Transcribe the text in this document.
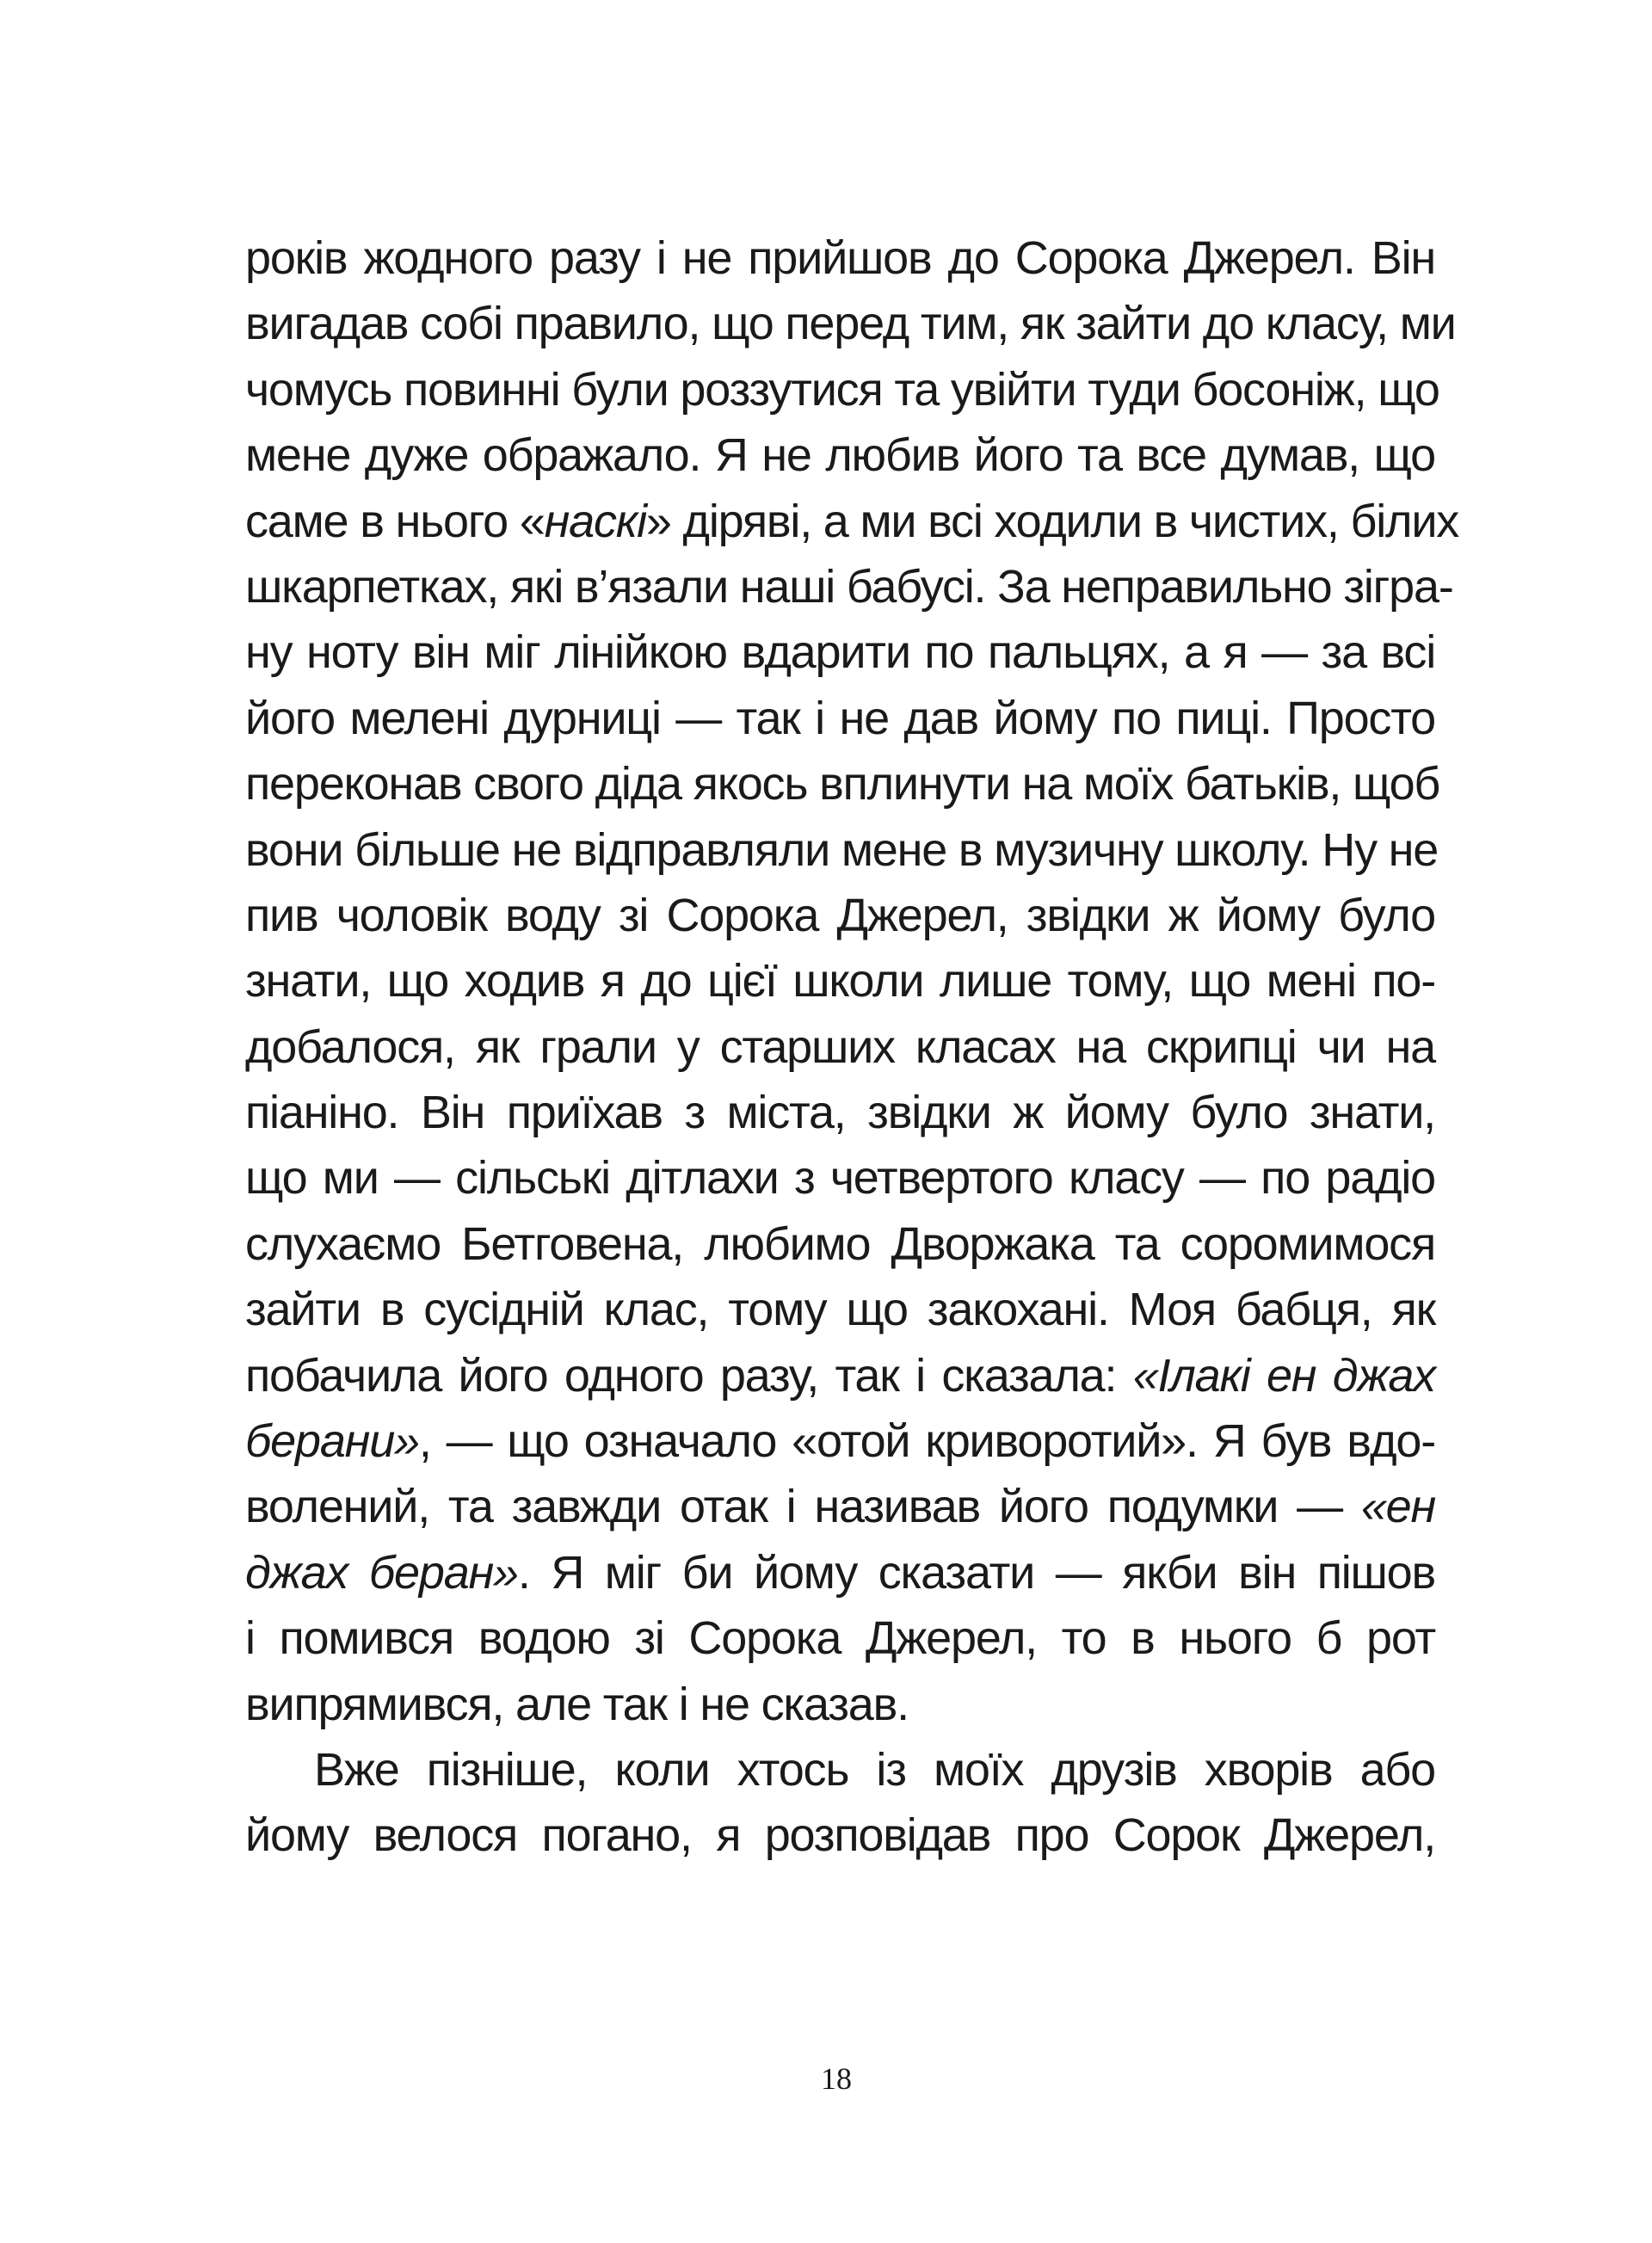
років жодного разу і не прийшов до Сорока Джерел. Він
вигадав собі правило, що перед тим, як зайти до класу, ми
чомусь повинні були роззутися та увійти туди босоніж, що
мене дуже ображало. Я не любив його та все думав, що
саме в нього «наскі» діряві, а ми всі ходили в чистих, білих
шкарпетках, які в’язали наші бабусі. За неправильно зігра-
ну ноту він міг лінійкою вдарити по пальцях, а я — за всі
його мелені дурниці — так і не дав йому по пиці. Просто
переконав свого діда якось вплинути на моїх батьків, щоб
вони більше не відправляли мене в музичну школу. Ну не
пив чоловік воду зі Сорока Джерел, звідки ж йому було
знати, що ходив я до цієї школи лише тому, що мені по-
добалося, як грали у старших класах на скрипці чи на
піаніно. Він приїхав з міста, звідки ж йому було знати,
що ми — сільські дітлахи з четвертого класу — по радіо
слухаємо Бетговена, любимо Дворжака та соромимося
зайти в сусідній клас, тому що закохані. Моя бабця, як
побачила його одного разу, так і сказала: «Ілакі ен джах
берани», — що означало «отой криворотий». Я був вдо-
волений, та завжди отак і називав його подумки — «ен
джах беран». Я міг би йому сказати — якби він пішов
і помився водою зі Сорока Джерел, то в нього б рот
випрямився, але так і не сказав.
Вже пізніше, коли хтось із моїх друзів хворів або
йому велося погано, я розповідав про Сорок Джерел,
18
